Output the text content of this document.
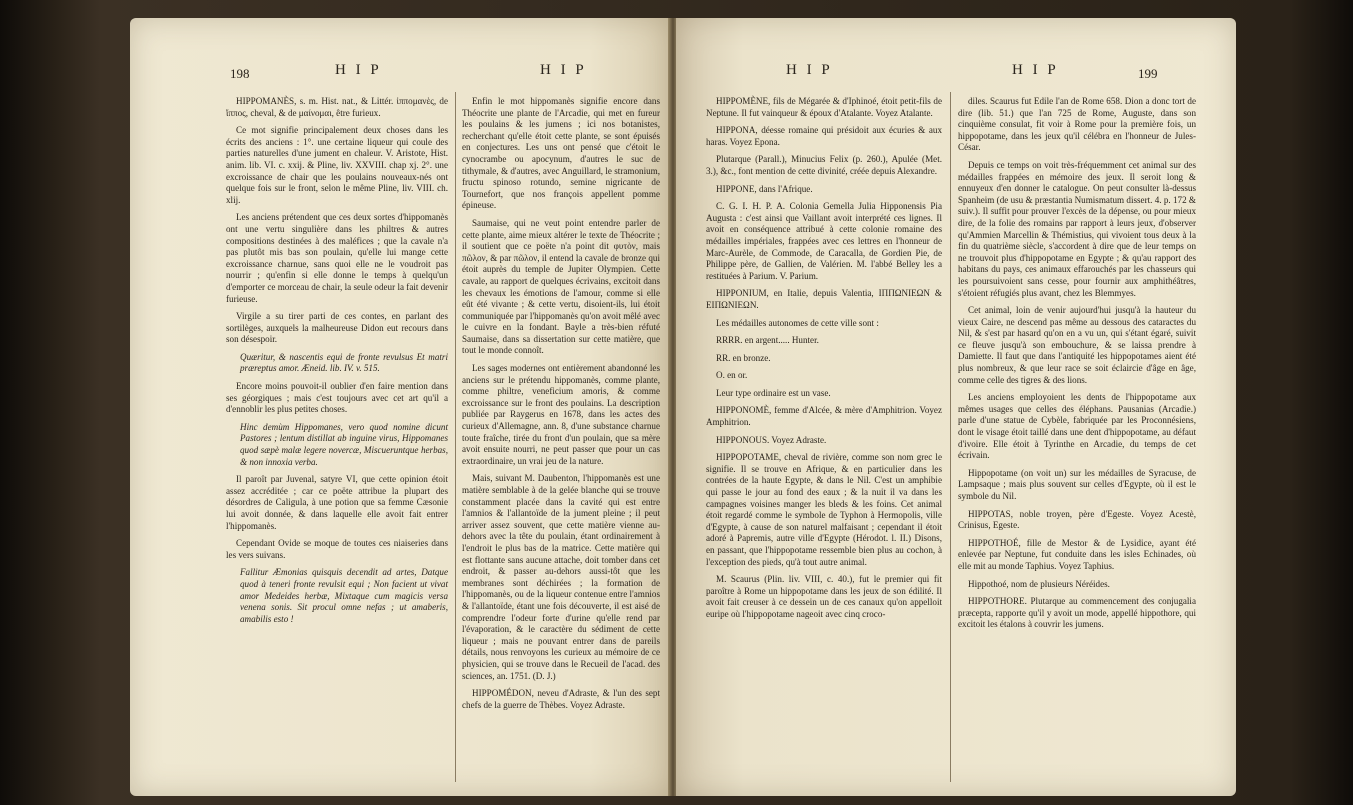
198	H I P	H I P

HIPPOMANÈS, s. m. Hist. nat., & Littér. ἱππομανὲς, de ἵππος, cheval, & de μαίνομαι, être furieux.

Ce mot signifie principalement deux choses dans les écrits des anciens : 1°. une certaine liqueur qui coule des parties naturelles d'une jument en chaleur. V. Aristote, Hist. anim. lib. VI. c. xxij. & Pline, liv. XXVIII. chap xj. 2°. une excroissance de chair que les poulains nouveaux-nés ont quelque fois sur le front, selon le même Pline, liv. VIII. ch. xlij.

Les anciens prétendent que ces deux sortes d'hippomanès ont une vertu singulière dans les philtres & autres compositions destinées à des maléfices ; que la cavale n'a pas plutôt mis bas son poulain, qu'elle lui mange cette excroissance charnue, sans quoi elle ne le voudroit pas nourrir ; qu'enfin si elle donne le temps à quelqu'un d'emporter ce morceau de chair, la seule odeur la fait devenir furieuse.

Virgile a su tirer parti de ces contes, en parlant des sortilèges, auxquels la malheureuse Didon eut recours dans son désespoir.

Quæritur, & nascentis equi de fronte revulsus Et matri præreptus amor. Æneid. lib. IV. v. 515.

Encore moins pouvoit-il oublier d'en faire mention dans ses géorgiques ; mais c'est toujours avec cet art qu'il a d'ennoblir les plus petites choses.

Hinc demùm Hippomanes, vero quod nomine dicunt Pastores ; lentum distillat ab inguine virus, Hippomanes quod sæpè malæ legere novercæ, Miscueruntque herbas, & non innoxia verba.

Il paroît par Juvenal, satyre VI, que cette opinion étoit assez accréditée ; car ce poëte attribue la plupart des désordres de Caligula, à une potion que sa femme Cæsonie lui avoit donnée, & dans laquelle elle avoit fait entrer l'hippomanès.

Cependant Ovide se moque de toutes ces niaiseries dans les vers suivans.

Fallitur Æmonias quisquis decendit ad artes, Datque quod à teneri fronte revulsit equi ; Non facient ut vivat amor Medeides herbæ, Mixtaque cum magicis versa venena sonis. Sit procul omne nefas ; ut amaberis, amabilis esto !

Enfin le mot hippomanès signifie encore dans Théocrite une plante de l'Arcadie, qui met en fureur les poulains & les jumens ; ici nos botanistes, recherchant qu'elle étoit cette plante, se sont épuisés en conjectures. Les uns ont pensé que c'étoit le cynocrambe ou apocynum, d'autres le suc de tithymale, & d'autres, avec Anguillard, le stramonium, fructu spinoso rotundo, semine nigricante de Tournefort, que nos françois appellent pomme épineuse.

Saumaise, qui ne veut point entendre parler de cette plante, aime mieux altérer le texte de Théocrite ; il soutient que ce poëte n'a point dit φυτὸν, mais πῶλον, & par πῶλον, il entend la cavale de bronze qui étoit auprès du temple de Jupiter Olympien. Cette cavale, au rapport de quelques écrivains, excitoit dans les chevaux les émotions de l'amour, comme si elle eût été vivante ; & cette vertu, disoient-ils, lui étoit communiquée par l'hippomanès qu'on avoit mêlé avec le cuivre en la fondant. Bayle a très-bien réfuté Saumaise, dans sa dissertation sur cette matière, que tout le monde connoît.

Les sages modernes ont entièrement abandonné les anciens sur le prétendu hippomanès, comme plante, comme philtre, veneficium amoris, & comme excroissance sur le front des poulains. La description publiée par Raygerus en 1678, dans les actes des curieux d'Allemagne, ann. 8, d'une substance charnue toute fraîche, tirée du front d'un poulain, que sa mère avoit ensuite nourri, ne peut passer que pour un cas extraordinaire, un vrai jeu de la nature.

Mais, suivant M. Daubenton, l'hippomanès est une matière semblable à de la gelée blanche qui se trouve constamment placée dans la cavité qui est entre l'amnios & l'allantoïde de la jument pleine ; il peut arriver assez souvent, que cette matière vienne au-dehors avec la tête du poulain, étant ordinairement à l'endroit le plus bas de la matrice. Cette matière qui est flottante sans aucune attache, doit tomber dans cet endroit, & passer au-dehors aussi-tôt que les membranes sont déchirées ; la formation de l'hippomanès, ou de la liqueur contenue entre l'amnios & l'allantoïde, étant une fois découverte, il est aisé de comprendre l'odeur forte d'urine qu'elle rend par l'évaporation, & le caractère du sédiment de cette liqueur ; mais ne pouvant entrer dans de pareils détails, nous renvoyons les curieux au mémoire de ce physicien, qui se trouve dans le Recueil de l'acad. des sciences, an. 1751. (D. J.)

HIPPOMÉDON, neveu d'Adraste, & l'un des sept chefs de la guerre de Thèbes. Voyez Adraste.

H I P	H I P	199

HIPPOMÈNE, fils de Mégarée & d'Iphinoé, étoit petit-fils de Neptune. Il fut vainqueur & époux d'Atalante. Voyez Atalante.

HIPPONA, déesse romaine qui présidoit aux écuries & aux haras. Voyez Epona.

Plutarque (Parall.), Minucius Felix (p. 260.), Apulée (Met. 3.), &c., font mention de cette divinité, créée depuis Alexandre.

HIPPONE, dans l'Afrique.

C. G. I. H. P. A. Colonia Gemella Julia Hipponensis Pia Augusta : c'est ainsi que Vaillant avoit interprété ces lignes. Il avoit en conséquence attribué à cette colonie romaine des médailles impériales, frappées avec ces lettres en l'honneur de Marc-Aurèle, de Commode, de Caracalla, de Gordien Pie, de Philippe père, de Gallien, de Valérien. M. l'abbé Belley les a restituées à Parium. V. Parium.

HIPPONIUM, en Italie, depuis Valentia, ΙΠΠΩΝΙΕΩΝ & ΕΙΠΩΝΙΕΩΝ.

Les médailles autonomes de cette ville sont :

RRRR. en argent..... Hunter.

RR. en bronze.

O. en or.

Leur type ordinaire est un vase.

HIPPONOMÈ, femme d'Alcée, & mère d'Amphitrion. Voyez Amphitrion.

HIPPONOUS. Voyez Adraste.

HIPPOPOTAME, cheval de rivière, comme son nom grec le signifie. Il se trouve en Afrique, & en particulier dans les contrées de la haute Egypte, & dans le Nil. C'est un amphibie qui passe le jour au fond des eaux ; & la nuit il va dans les campagnes voisines manger les bleds & les foins. Cet animal étoit regardé comme le symbole de Typhon à Hermopolis, ville d'Egypte, à cause de son naturel malfaisant ; cependant il étoit adoré à Papremis, autre ville d'Egypte (Hérodot. l. II.) Disons, en passant, que l'hippopotame ressemble bien plus au cochon, à l'exception des pieds, qu'à tout autre animal.

M. Scaurus (Plin. liv. VIII, c. 40.), fut le premier qui fit paroître à Rome un hippopotame dans les jeux de son édilité. Il avoit fait creuser à ce dessein un de ces canaux qu'on appelloit euripe où l'hippopotame nageoit avec cinq croco-

diles. Scaurus fut Edile l'an de Rome 658. Dion a donc tort de dire (lib. 51.) que l'an 725 de Rome, Auguste, dans son cinquième consulat, fit voir à Rome pour la première fois, un hippopotame, dans les jeux qu'il célébra en l'honneur de Jules-César.

Depuis ce temps on voit très-fréquemment cet animal sur des médailles frappées en mémoire des jeux. Il seroit long & ennuyeux d'en donner le catalogue. On peut consulter là-dessus Spanheim (de usu & præstantia Numismatum dissert. 4. p. 172 & suiv.). Il suffit pour prouver l'excès de la dépense, ou pour mieux dire, de la folie des romains par rapport à leurs jeux, d'observer qu'Ammien Marcellin & Thémistius, qui vivoient tous deux à la fin du quatrième siècle, s'accordent à dire que de leur temps on ne trouvoit plus d'hippopotame en Egypte ; & qu'au rapport des habitans du pays, ces animaux effarouchés par les chasseurs qui les poursuivoient sans cesse, pour fournir aux amphithéâtres, s'étoient réfugiés plus avant, chez les Blemmyes.

Cet animal, loin de venir aujourd'hui jusqu'à la hauteur du vieux Caire, ne descend pas même au dessous des cataractes du Nil, & s'est par hasard qu'on en a vu un, qui s'étant égaré, suivit ce fleuve jusqu'à son embouchure, & se laissa prendre à Damiette. Il faut que dans l'antiquité les hippopotames aient été plus nombreux, & que leur race se soit éclaircie d'âge en âge, comme celle des tigres & des lions.

Les anciens employoient les dents de l'hippopotame aux mêmes usages que celles des éléphans. Pausanias (Arcadie.) parle d'une statue de Cybèle, fabriquée par les Proconnésiens, dont le visage étoit taillé dans une dent d'hippopotame, au défaut d'ivoire. Elle étoit à Tyrinthe en Arcadie, du temps de cet écrivain.

Hippopotame (on voit un) sur les médailles de Syracuse, de Lampsaque ; mais plus souvent sur celles d'Egypte, où il est le symbole du Nil.

HIPPOTAS, noble troyen, père d'Egeste. Voyez Acestè, Crinisus, Egeste.

HIPPOTHOÉ, fille de Mestor & de Lysidice, ayant été enlevée par Neptune, fut conduite dans les isles Echinades, où elle mit au monde Taphius. Voyez Taphius.

Hippothoé, nom de plusieurs Néréides.

HIPPOTHORE. Plutarque au commencement des conjugalia præcepta, rapporte qu'il y avoit un mode, appellé hippothore, qui excitoit les étalons à couvrir les jumens.
